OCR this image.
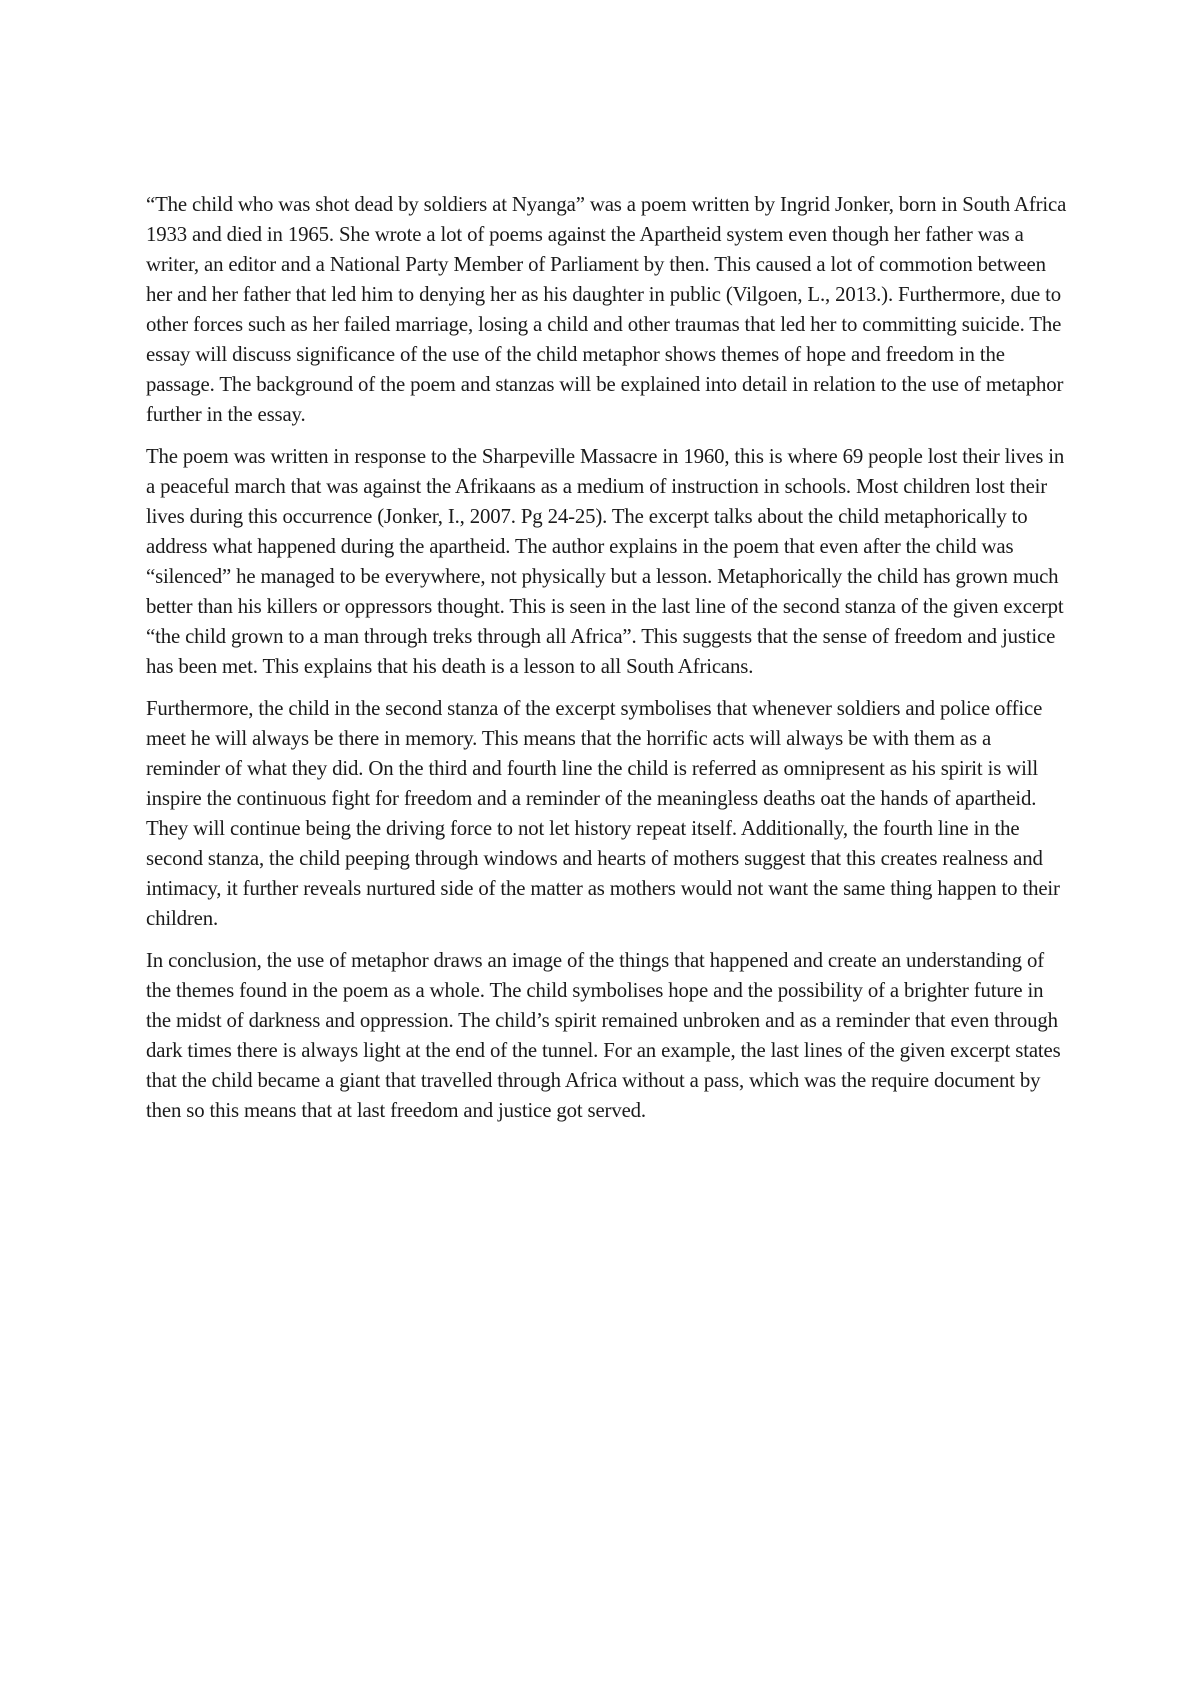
“The child who was shot dead by soldiers at Nyanga” was a poem written by Ingrid Jonker, born in South Africa 1933 and died in 1965. She wrote a lot of poems against the Apartheid system even though her father was a writer, an editor and a National Party Member of Parliament by then. This caused a lot of commotion between her and her father that led him to denying her as his daughter in public (Vilgoen, L., 2013.). Furthermore, due to other forces such as her failed marriage, losing a child and other traumas that led her to committing suicide. The essay will discuss significance of the use of the child metaphor shows themes of hope and freedom in the passage. The background of the poem and stanzas will be explained into detail in relation to the use of metaphor further in the essay.

The poem was written in response to the Sharpeville Massacre in 1960, this is where 69 people lost their lives in a peaceful march that was against the Afrikaans as a medium of instruction in schools. Most children lost their lives during this occurrence (Jonker, I., 2007. Pg 24-25). The excerpt talks about the child metaphorically to address what happened during the apartheid. The author explains in the poem that even after the child was “silenced” he managed to be everywhere, not physically but a lesson. Metaphorically the child has grown much better than his killers or oppressors thought. This is seen in the last line of the second stanza of the given excerpt “the child grown to a man through treks through all Africa”. This suggests that the sense of freedom and justice has been met. This explains that his death is a lesson to all South Africans.

Furthermore, the child in the second stanza of the excerpt symbolises that whenever soldiers and police office meet he will always be there in memory. This means that the horrific acts will always be with them as a reminder of what they did. On the third and fourth line the child is referred as omnipresent as his spirit is will inspire the continuous fight for freedom and a reminder of the meaningless deaths oat the hands of apartheid. They will continue being the driving force to not let history repeat itself. Additionally, the fourth line in the second stanza, the child peeping through windows and hearts of mothers suggest that this creates realness and intimacy, it further reveals nurtured side of the matter as mothers would not want the same thing happen to their children.

In conclusion, the use of metaphor draws an image of the things that happened and create an understanding of the themes found in the poem as a whole. The child symbolises hope and the possibility of a brighter future in the midst of darkness and oppression. The child’s spirit remained unbroken and as a reminder that even through dark times there is always light at the end of the tunnel. For an example, the last lines of the given excerpt states that the child became a giant that travelled through Africa without a pass, which was the require document by then so this means that at last freedom and justice got served.
